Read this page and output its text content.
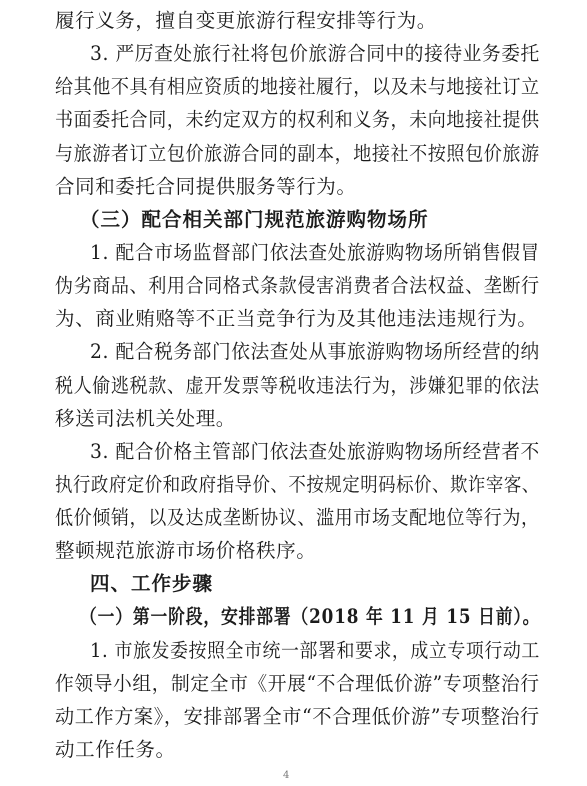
履行义务，擅自变更旅游行程安排等行为。
3. 严厉查处旅行社将包价旅游合同中的接待业务委托
给其他不具有相应资质的地接社履行，以及未与地接社订立
书面委托合同，未约定双方的权利和义务，未向地接社提供
与旅游者订立包价旅游合同的副本，地接社不按照包价旅游
合同和委托合同提供服务等行为。
（三）配合相关部门规范旅游购物场所
1. 配合市场监督部门依法查处旅游购物场所销售假冒
伪劣商品、利用合同格式条款侵害消费者合法权益、垄断行
为、商业贿赂等不正当竞争行为及其他违法违规行为。
2. 配合税务部门依法查处从事旅游购物场所经营的纳
税人偷逃税款、虚开发票等税收违法行为，涉嫌犯罪的依法
移送司法机关处理。
3. 配合价格主管部门依法查处旅游购物场所经营者不
执行政府定价和政府指导价、不按规定明码标价、欺诈宰客、
低价倾销，以及达成垄断协议、滥用市场支配地位等行为，
整顿规范旅游市场价格秩序。
四、工作步骤
（一）第一阶段，安排部署（2018 年 11 月 15 日前）。
1. 市旅发委按照全市统一部署和要求，成立专项行动工
作领导小组，制定全市《开展“不合理低价游”专项整治行
动工作方案》，安排部署全市“不合理低价游”专项整治行
动工作任务。
4
